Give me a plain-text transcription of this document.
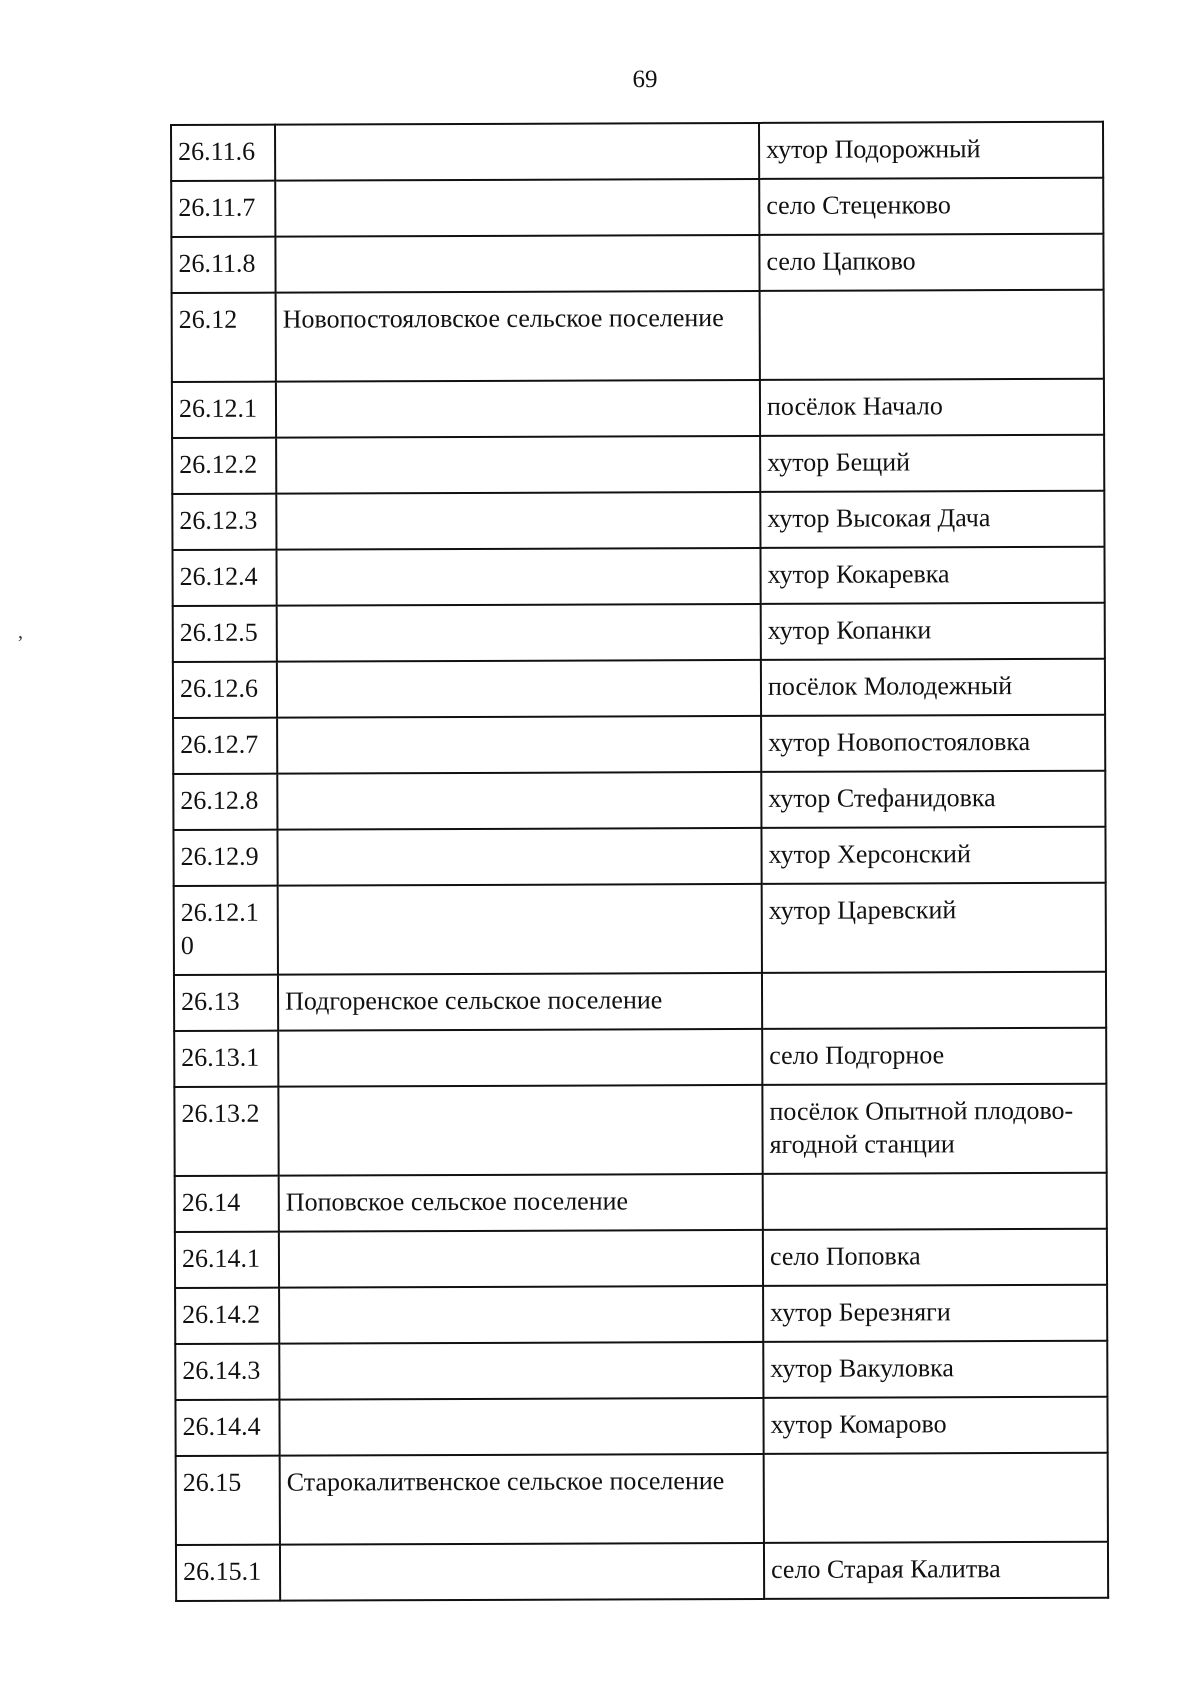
69
,
26.11.6		хутор Подорожный
26.11.7		село Стеценково
26.11.8		село Цапково
26.12	Новопостояловское сельское поселение	
26.12.1		посёлок Начало
26.12.2		хутор Бещий
26.12.3		хутор Высокая Дача
26.12.4		хутор Кокаревка
26.12.5		хутор Копанки
26.12.6		посёлок Молодежный
26.12.7		хутор Новопостояловка
26.12.8		хутор Стефанидовка
26.12.9		хутор Херсонский
26.12.10		хутор Царевский
26.13	Подгоренское сельское поселение	
26.13.1		село Подгорное
26.13.2		посёлок Опытной плодово-ягодной станции
26.14	Поповское сельское поселение	
26.14.1		село Поповка
26.14.2		хутор Березняги
26.14.3		хутор Вакуловка
26.14.4		хутор Комарово
26.15	Старокалитвенское сельское поселение	
26.15.1		село Старая Калитва
